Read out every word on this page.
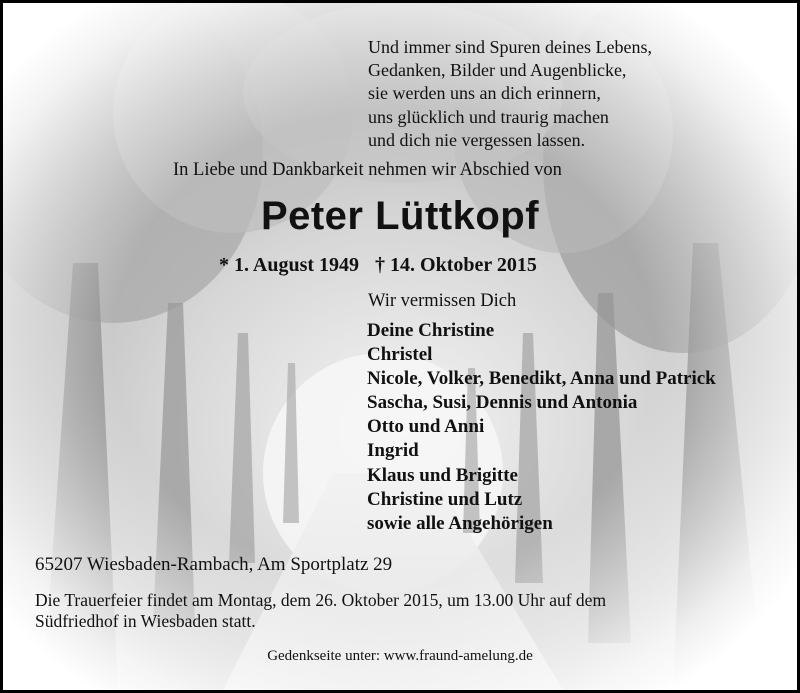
Und immer sind Spuren deines Lebens,
Gedanken, Bilder und Augenblicke,
sie werden uns an dich erinnern,
uns glücklich und traurig machen
und dich nie vergessen lassen.
In Liebe und Dankbarkeit nehmen wir Abschied von
Peter Lüttkopf
* 1. August 1949 † 14. Oktober 2015
Wir vermissen Dich
Deine Christine
Christel
Nicole, Volker, Benedikt, Anna und Patrick
Sascha, Susi, Dennis und Antonia
Otto und Anni
Ingrid
Klaus und Brigitte
Christine und Lutz
sowie alle Angehörigen
65207 Wiesbaden-Rambach, Am Sportplatz 29
Die Trauerfeier findet am Montag, dem 26. Oktober 2015, um 13.00 Uhr auf dem
Südfriedhof in Wiesbaden statt.
Gedenkseite unter: www.fraund-amelung.de
